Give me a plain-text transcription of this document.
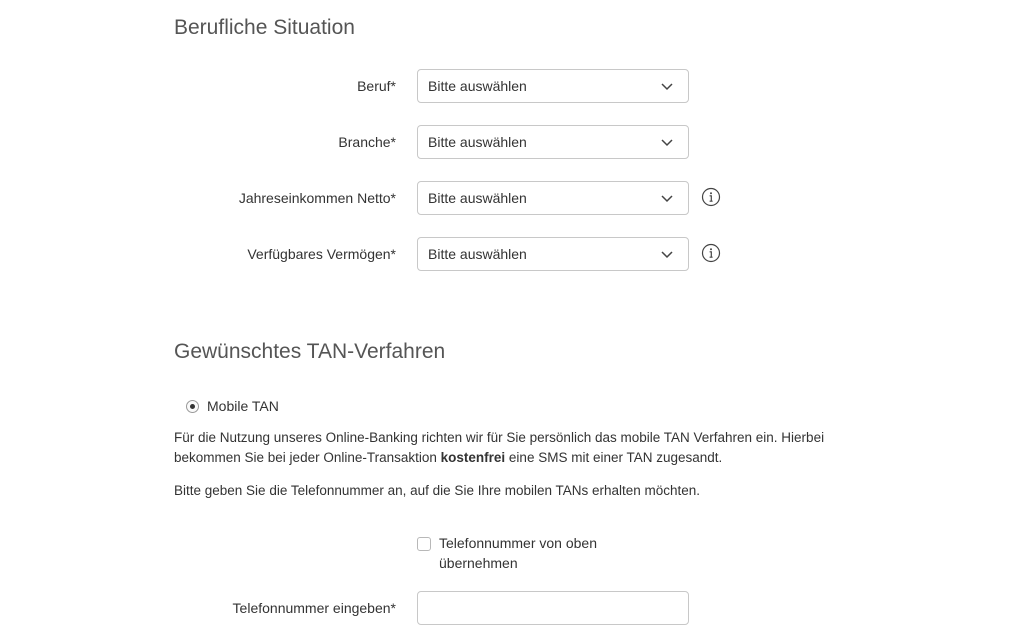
Berufliche Situation
Beruf* Bitte auswählen
Branche* Bitte auswählen
Jahreseinkommen Netto* Bitte auswählen
Verfügbares Vermögen* Bitte auswählen
Gewünschtes TAN-Verfahren
Mobile TAN

Für die Nutzung unseres Online-Banking richten wir für Sie persönlich das mobile TAN Verfahren ein. Hierbei bekommen Sie bei jeder Online-Transaktion kostenfrei eine SMS mit einer TAN zugesandt.

Bitte geben Sie die Telefonnummer an, auf die Sie Ihre mobilen TANs erhalten möchten.

Telefonnummer von oben übernehmen
Telefonnummer eingeben*
